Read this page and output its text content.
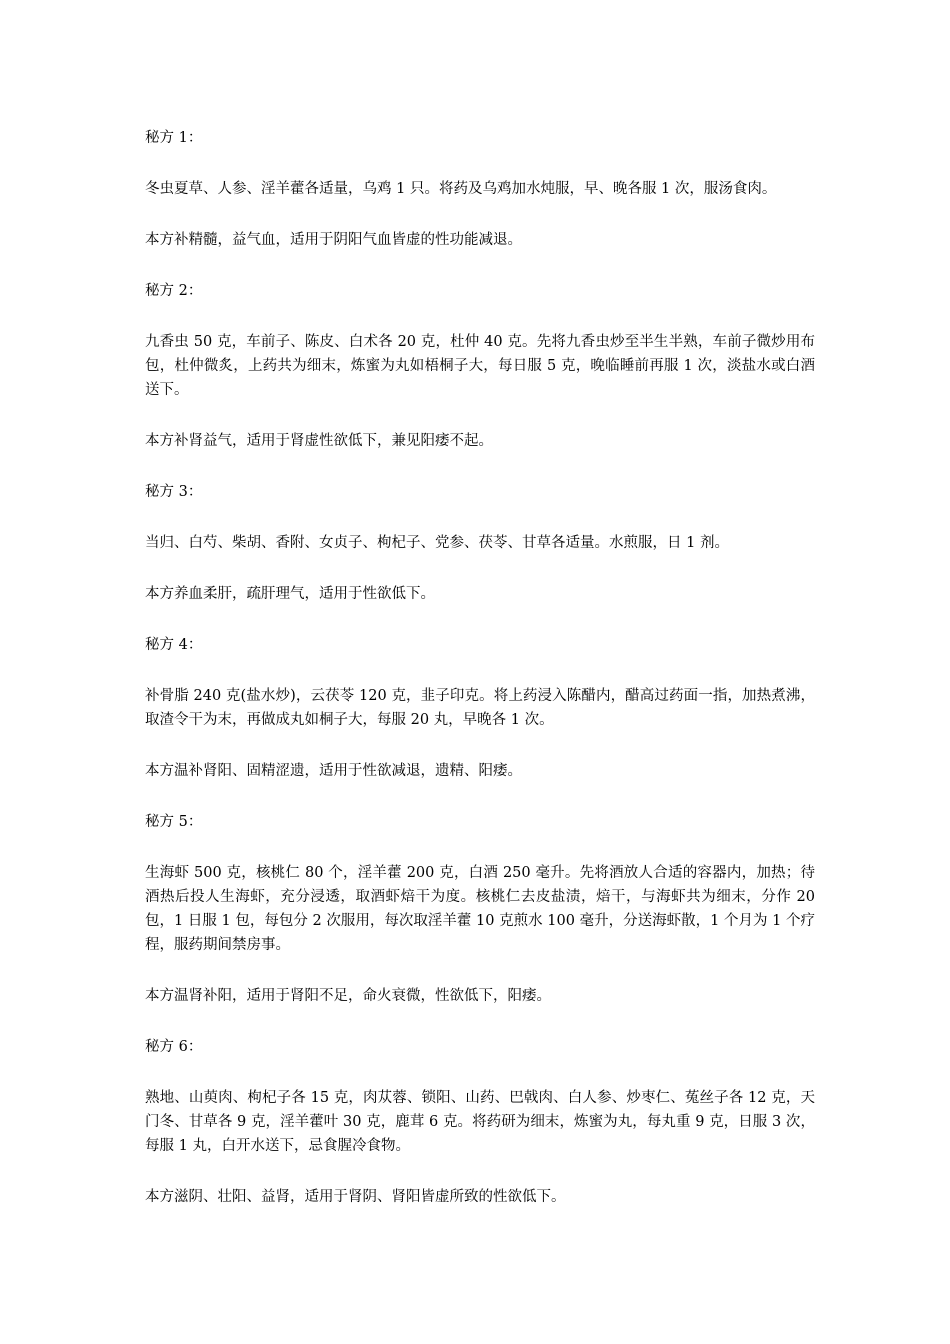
秘方 1：

冬虫夏草、人参、淫羊藿各适量，乌鸡 1 只。将药及乌鸡加水炖服，早、晚各服 1 次，服汤食肉。

本方补精髓，益气血，适用于阴阳气血皆虚的性功能减退。

秘方 2：

九香虫 50 克，车前子、陈皮、白术各 20 克，杜仲 40 克。先将九香虫炒至半生半熟，车前子微炒用布包，杜仲微炙，上药共为细末，炼蜜为丸如梧桐子大，每日服 5 克，晚临睡前再服 1 次，淡盐水或白酒送下。

本方补肾益气，适用于肾虚性欲低下，兼见阳痿不起。

秘方 3：

当归、白芍、柴胡、香附、女贞子、枸杞子、党参、茯苓、甘草各适量。水煎服，日 1 剂。

本方养血柔肝，疏肝理气，适用于性欲低下。

秘方 4：

补骨脂 240 克(盐水炒)，云茯苓 120 克，韭子印克。将上药浸入陈醋内，醋高过药面一指，加热煮沸，取渣令干为末，再做成丸如桐子大，每服 20 丸，早晚各 1 次。

本方温补肾阳、固精涩遗，适用于性欲减退，遗精、阳痿。

秘方 5：

生海虾 500 克，核桃仁 80 个，淫羊藿 200 克，白酒 250 毫升。先将酒放人合适的容器内，加热；待酒热后投人生海虾，充分浸透，取酒虾焙干为度。核桃仁去皮盐渍，焙干，与海虾共为细末，分作 20 包，1 日服 1 包，每包分 2 次服用，每次取淫羊藿 10 克煎水 100 毫升，分送海虾散，1 个月为 1 个疗程，服药期间禁房事。

本方温肾补阳，适用于肾阳不足，命火衰微，性欲低下，阳痿。

秘方 6：

熟地、山萸肉、枸杞子各 15 克，肉苁蓉、锁阳、山药、巴戟肉、白人参、炒枣仁、菟丝子各 12 克，天门冬、甘草各 9 克，淫羊藿叶 30 克，鹿茸 6 克。将药研为细末，炼蜜为丸，每丸重 9 克，日服 3 次，每服 1 丸，白开水送下，忌食腥冷食物。

本方滋阴、壮阳、益肾，适用于肾阴、肾阳皆虚所致的性欲低下。
